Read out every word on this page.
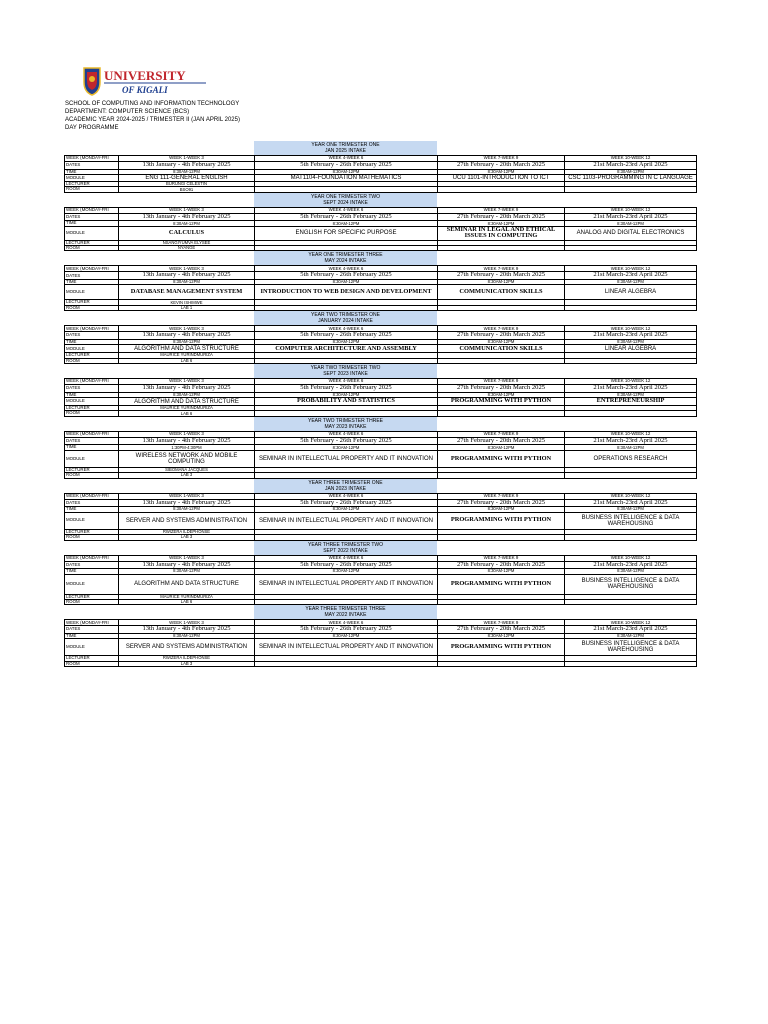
UNIVERSITY
OF KIGALI
SCHOOL OF COMPUTING AND INFORMATION TECHNOLOGY
DEPARTMENT: COMPUTER SCIENCE (BCS)
ACADEMIC YEAR 2024-2025 / TRIMESTER II (JAN APRIL 2025)
DAY PROGRAMME
YEAR ONE TRIMESTER ONE
JAN 2025 INTAKE
WEEK (MONDAY-FRI	WEEK 1-WEEK 3	WEEK 4-WEEK 6	WEEK 7-WEEK 9	WEEK 10-WEEK 12
DATES	13th January - 4th February 2025	5th February - 26th February 2025	27th February - 20th March 2025	21st March-23rd April 2025
TIME	8:30AM-12PM	8:30AM-12PM	8:30AM-12PM	8:30AM-12PM
MODULE	ENG 111-GENERAL ENGLISH	MAT1104-FOUNDATION MATHEMATICS	UCU 1101-INTRODUCTION TO ICT	CSC 1103-PROGRAMMING IN C LANGUAGE
LECTURER	BURUNGI CELESTIN			
ROOM	BSO91			
YEAR ONE TRIMESTER TWO
SEPT 2024 INTAKE
WEEK (MONDAY-FRI	WEEK 1-WEEK 3	WEEK 4-WEEK 6	WEEK 7-WEEK 9	WEEK 10-WEEK 12
DATES	13th January - 4th February 2025	5th February - 26th February 2025	27th February - 20th March 2025	21st March-23rd April 2025
TIME	8:30AM-12PM	8:30AM-12PM	8:30AM-12PM	8:30AM-12PM
MODULE	CALCULUS	ENGLISH FOR SPECIFIC PURPOSE	SEMINAR IN LEGAL AND ETHICAL ISSUES IN COMPUTING	ANALOG AND DIGITAL ELECTRONICS
LECTURER	NSANGIYUMVA ELYSEE			
ROOM	NYANGE			
YEAR ONE TRIMESTER THREE
MAY 2024 INTAKE
WEEK (MONDAY-FRI	WEEK 1-WEEK 3	WEEK 4-WEEK 6	WEEK 7-WEEK 9	WEEK 10-WEEK 12
DATES	13th January - 4th February 2025	5th February - 26th February 2025	27th February - 20th March 2025	21st March-23rd April 2025
TIME	8:30AM-12PM	8:30AM-12PM	8:30AM-12PM	8:30AM-12PM
MODULE	DATABASE MANAGEMENT SYSTEM	INTRODUCTION TO WEB DESIGN AND DEVELOPMENT	COMMUNICATION SKILLS	LINEAR ALGEBRA
LECTURER	KEVIN ISHIMWE			
ROOM	LAB 1			
YEAR TWO TRIMESTER ONE
JANUARY 2024 INTAKE
WEEK (MONDAY-FRI	WEEK 1-WEEK 3	WEEK 4-WEEK 6	WEEK 7-WEEK 9	WEEK 10-WEEK 12
DATES	13th January - 4th February 2025	5th February - 26th February 2025	27th February - 20th March 2025	21st March-23rd April 2025
TIME	8:30AM-12PM	8:30AM-12PM	8:30AM-12PM	8:30AM-12PM
MODULE	ALGORITHM AND DATA STRUCTURE	COMPUTER ARCHITECTURE AND ASSEMBLY	COMMUNICATION SKILLS	LINEAR ALGEBRA
LECTURER	MAURICE YURINDMURIZA			
ROOM	LAB 6			
YEAR TWO TRIMESTER TWO
SEPT 2023 INTAKE
WEEK (MONDAY-FRI	WEEK 1-WEEK 3	WEEK 4-WEEK 6	WEEK 7-WEEK 9	WEEK 10-WEEK 12
DATES	13th January - 4th February 2025	5th February - 26th February 2025	27th February - 20th March 2025	21st March-23rd April 2025
TIME	8:30AM-12PM	8:30AM-12PM	8:30AM-12PM	8:30AM-12PM
MODULE	ALGORITHM AND DATA STRUCTURE	PROBABILITY AND STATISTICS	PROGRAMMING WITH PYTHON	ENTREPRENEURSHIP
LECTURER	MAURICE YURINDMURIZA			
ROOM	LAB 6			
YEAR TWO TRIMESTER THREE
MAY 2023 INTAKE
WEEK (MONDAY-FRI	WEEK 1-WEEK 3	WEEK 4-WEEK 6	WEEK 7-WEEK 9	WEEK 10-WEEK 12
DATES	13th January - 4th February 2025	5th February - 26th February 2025	27th February - 20th March 2025	21st March-23rd April 2025
TIME	1:30PM-4:30PM	8:30AM-12PM	8:30AM-12PM	8:30AM-12PM
MODULE	WIRELESS NETWORK AND MOBILE COMPUTING	SEMINAR IN INTELLECTUAL PROPERTY AND IT INNOVATION	PROGRAMMING WITH PYTHON	OPERATIONS RESEARCH
LECTURER	SIBOMANA JACQUES			
ROOM	LAB 3			
YEAR THREE TRIMESTER ONE
JAN 2023 INTAKE
WEEK (MONDAY-FRI	WEEK 1-WEEK 3	WEEK 4-WEEK 6	WEEK 7-WEEK 9	WEEK 10-WEEK 12
DATES	13th January - 4th February 2025	5th February - 26th February 2025	27th February - 20th March 2025	21st March-23rd April 2025
TIME	8:30AM-12PM	8:30AM-12PM	8:30AM-12PM	8:30AM-12PM
MODULE	SERVER AND SYSTEMS ADMINISTRATION	SEMINAR IN INTELLECTUAL PROPERTY AND IT INNOVATION	PROGRAMMING WITH PYTHON	BUSINESS INTELLIGENCE & DATA WAREHOUSING
LECTURER	RWIZERA ILDEPHONSE			
ROOM	LAB 3			
YEAR THREE TRIMESTER TWO
SEPT 2022 INTAKE
WEEK (MONDAY-FRI	WEEK 1-WEEK 3	WEEK 4-WEEK 6	WEEK 7-WEEK 9	WEEK 10-WEEK 12
DATES	13th January - 4th February 2025	5th February - 26th February 2025	27th February - 20th March 2025	21st March-23rd April 2025
TIME	8:30AM-12PM	8:30AM-12PM	8:30AM-12PM	8:30AM-12PM
MODULE	ALGORITHM AND DATA STRUCTURE	SEMINAR IN INTELLECTUAL PROPERTY AND IT INNOVATION	PROGRAMMING WITH PYTHON	BUSINESS INTELLIGENCE & DATA WAREHOUSING
LECTURER	MAURICE YURINDMURIZA			
ROOM	LAB 6			
YEAR THREE TRIMESTER THREE
MAY 2022 INTAKE
WEEK (MONDAY-FRI	WEEK 1-WEEK 3	WEEK 4-WEEK 6	WEEK 7-WEEK 9	WEEK 10-WEEK 12
DATES	13th January - 4th February 2025	5th February - 26th February 2025	27th February - 20th March 2025	21st March-23rd April 2025
TIME	8:30AM-12PM	8:30AM-12PM	8:30AM-12PM	8:30AM-12PM
MODULE	SERVER AND SYSTEMS ADMINISTRATION	SEMINAR IN INTELLECTUAL PROPERTY AND IT INNOVATION	PROGRAMMING WITH PYTHON	BUSINESS INTELLIGENCE & DATA WAREHOUSING
LECTURER	RWIZERA ILDEPHONSE			
ROOM	LAB 3			
